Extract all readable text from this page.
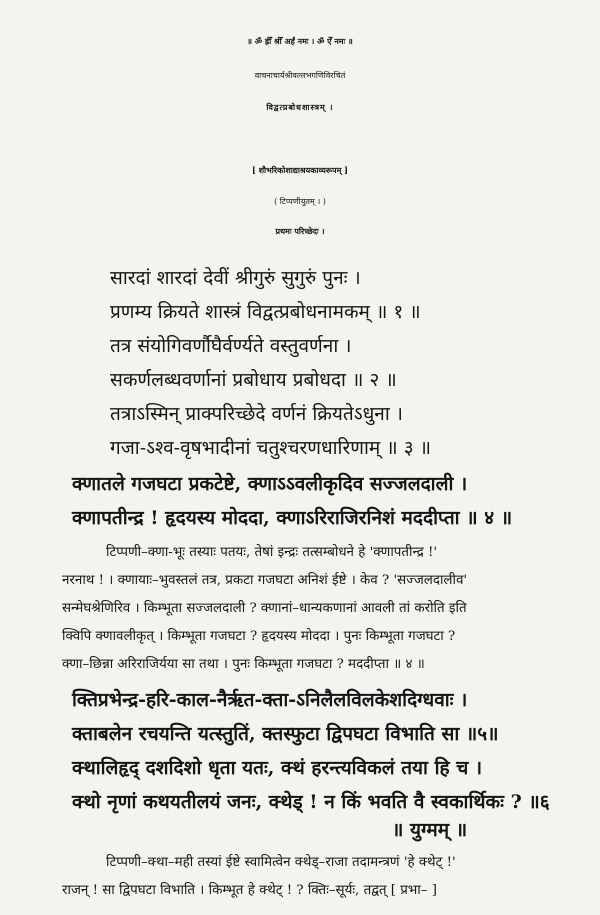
॥ ॐ ह्रीँ श्रीँ अर्हं नमः । ॐ ऐँ नमः ॥

वाचनाचार्यश्रीवल्लभगणिविरचितं

विद्वत्प्रबोधशास्त्रम् ।

[ शौभरिकोशाद्याश्रयकाव्यरूपम् ]

( टिप्पणीयुतम् । )

प्रथमः परिच्छेदः ।

सारदां शारदां देवीं श्रीगुरुं सुगुरुं पुनः ।

प्रणम्य क्रियते शास्त्रं विद्वत्प्रबोधनामकम् ॥ १ ॥

तत्र संयोगिवर्णौघैर्वर्ण्यते वस्तुवर्णना ।

सकर्णलब्धवर्णानां प्रबोधाय प्रबोधदा ॥ २ ॥

तत्राऽस्मिन् प्राक्परिच्छेदे वर्णनं क्रियतेऽधुना ।

गजा-ऽश्व-वृषभादीनां चतुश्चरणधारिणाम् ॥ ३ ॥

क्णातले गजघटा प्रकटेष्टे, क्णाऽऽवलीकृदिव सज्जलदाली ।

क्णापतीन्द्र ! हृदयस्य मोददा, क्णाऽरिराजिरनिशं मददीप्ता ॥ ४ ॥

टिप्पणी–क्णा-भूः तस्याः पतयः, तेषां इन्द्रः तत्सम्बोधने हे 'क्णापतीन्द्र !'

नरनाथ ! । क्णायाः–भुवस्तलं तत्र, प्रकटा गजघटा अनिशं ईष्टे । केव ? 'सज्जलदालीव'

सन्मेघश्रेणिरिव । किम्भूता सज्जलदाली ? क्णानां–धान्यकणानां आवली तां करोति इति

क्विपि क्णावलीकृत् । किम्भूता गजघटा ? हृदयस्य मोददा । पुनः किम्भूता गजघटा ?

क्णा–छिन्ना अरिराजिर्यया सा तथा । पुनः किम्भूता गजघटा ? मददीप्ता ॥ ४ ॥

क्तिप्रभेन्द्र-हरि-काल-नैर्ऋत-क्ता-ऽनिलैलविलकेशदिग्धवाः ।

क्ताबलेन रचयन्ति यत्स्तुतिं, क्तस्फुटा द्विपघटा विभाति सा ॥५॥

क्थालिहृद् दशदिशो धृता यतः, क्थं हरन्त्यविकलं तया हि च ।

क्थो नृणां कथयतीलयं जनः, क्थेड् ! न किं भवति वै स्वकार्थिकः ? ॥६

॥ युग्मम् ॥

टिप्पणी–क्था–मही तस्यां ईष्टे स्वामित्वेन क्थेड्–राजा तदामन्त्रणं 'हे क्थेट् !'

राजन् ! सा द्विपघटा विभाति । किम्भूत हे क्थेट् ! ? क्तिः–सूर्यः, तद्वत् [ प्रभा– ]
